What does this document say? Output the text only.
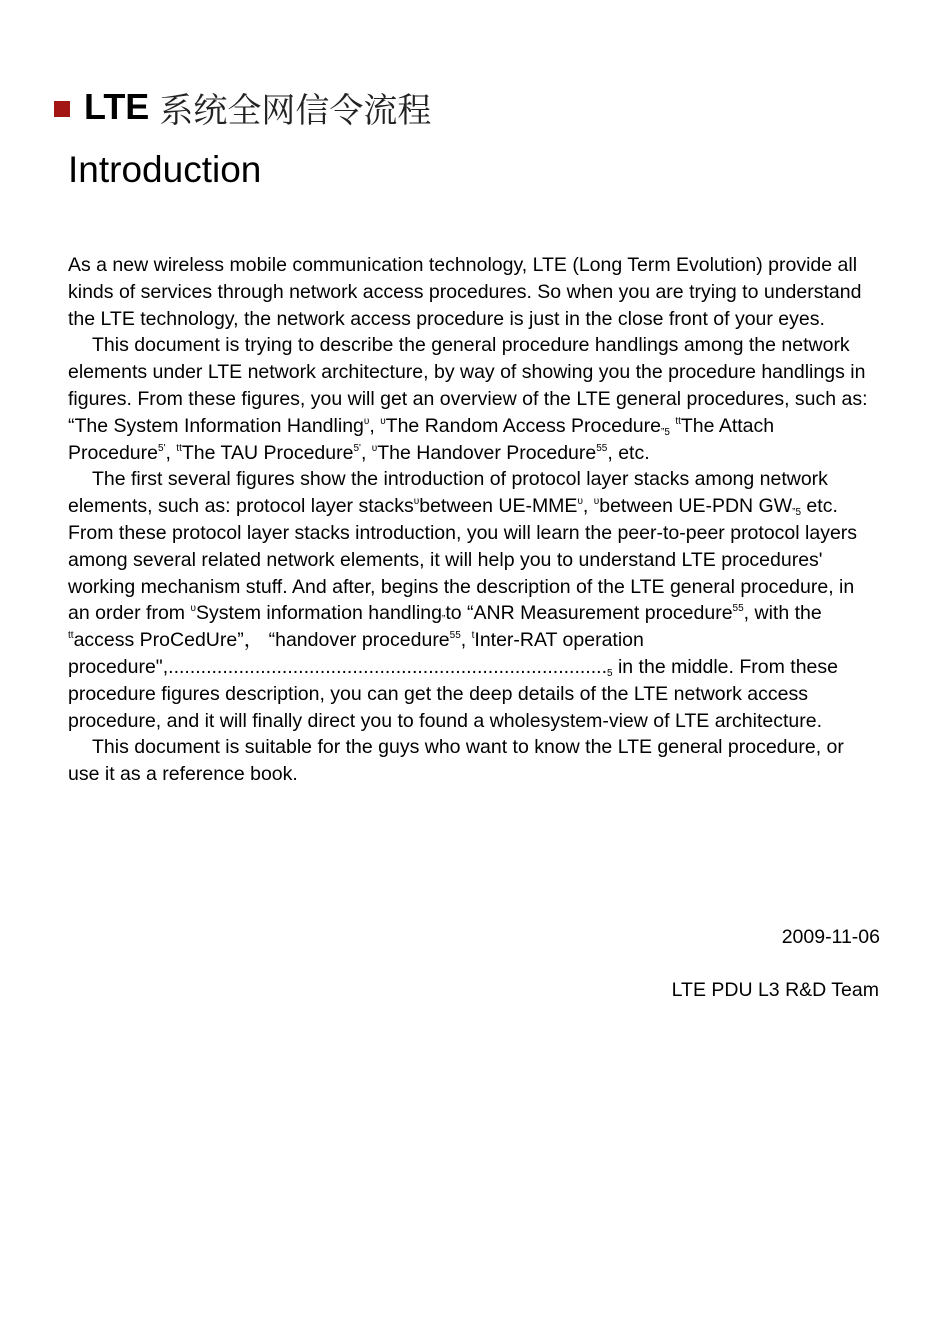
LTE 系统全网信令流程
Introduction

As a new wireless mobile communication technology, LTE (Long Term Evolution) provide all kinds of services through network access procedures. So when you are trying to understand the LTE technology, the network access procedure is just in the close front of your eyes.

This document is trying to describe the general procedure handlings among the network elements under LTE network architecture, by way of showing you the procedure handlings in figures. From these figures, you will get an overview of the LTE general procedures, such as: “The System Information Handling$^\upsilon$, $^\upsilon$The Random Access Procedure$_{”5}$ $^{tt}$The Attach Procedure$^{5'}$, $^{tt}$The TAU Procedure$^{5'}$, $^\upsilon$The Handover Procedure$^{55}$, etc.

The first several figures show the introduction of protocol layer stacks among network elements, such as: protocol layer stacks$^\upsilon$between $UE-MME^\upsilon$, $^\upsilon$between UE-PDN $GW_{”5}$ etc. From these protocol layer stacks introduction, you will learn the peer-to-peer protocol layers among several related network elements, it will help you to understand LTE procedures' working mechanism stuff. And after, begins the description of the LTE general procedure, in an order from $^\upsilon$System information handling$_”$to “ANR Measurement procedure$^{55}$, with the $^{tt}$access ProCedUre”， “handover procedure$^{55}$, $^t$Inter-RAT operation $procedure",................................................................................._5$ in the middle. From these procedure figures description, you can get the deep details of the LTE network access procedure, and it will finally direct you to found a wholesystem-view of LTE architecture.

This document is suitable for the guys who want to know the LTE general procedure, or use it as a reference book.

2009-11-06
LTE PDU L3 R&D Team
